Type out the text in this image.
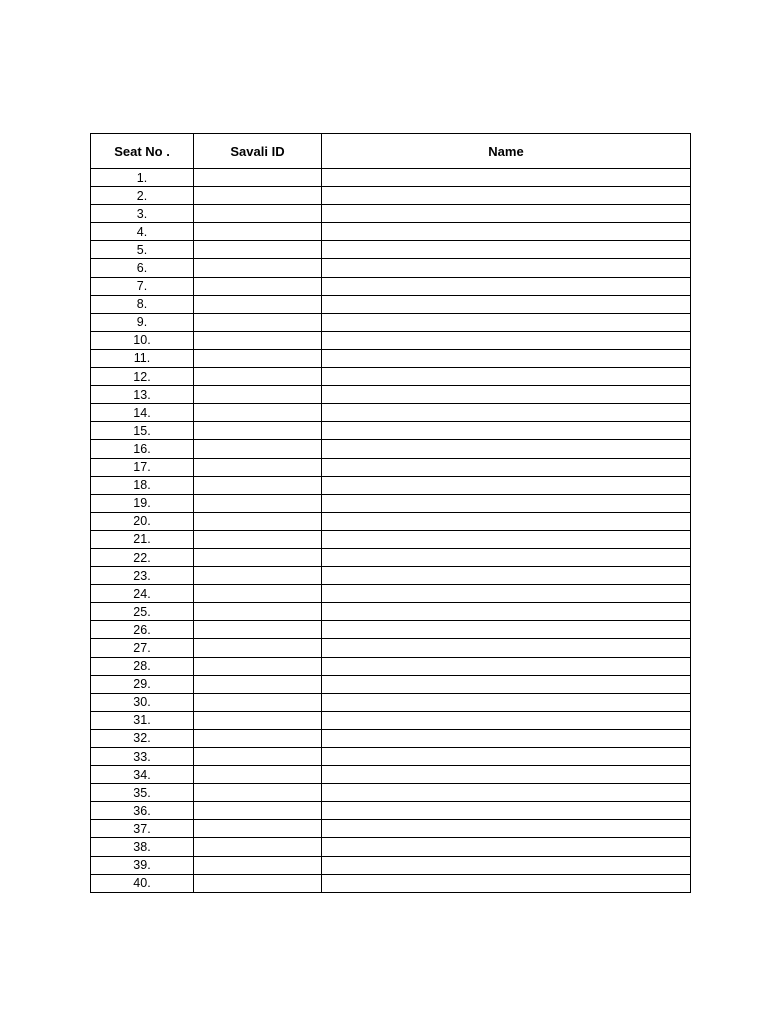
Seat No .	Savali ID	Name
1.		
2.		
3.		
4.		
5.		
6.		
7.		
8.		
9.		
10.		
11.		
12.		
13.		
14.		
15.		
16.		
17.		
18.		
19.		
20.		
21.		
22.		
23.		
24.		
25.		
26.		
27.		
28.		
29.		
30.		
31.		
32.		
33.		
34.		
35.		
36.		
37.		
38.		
39.		
40.		
